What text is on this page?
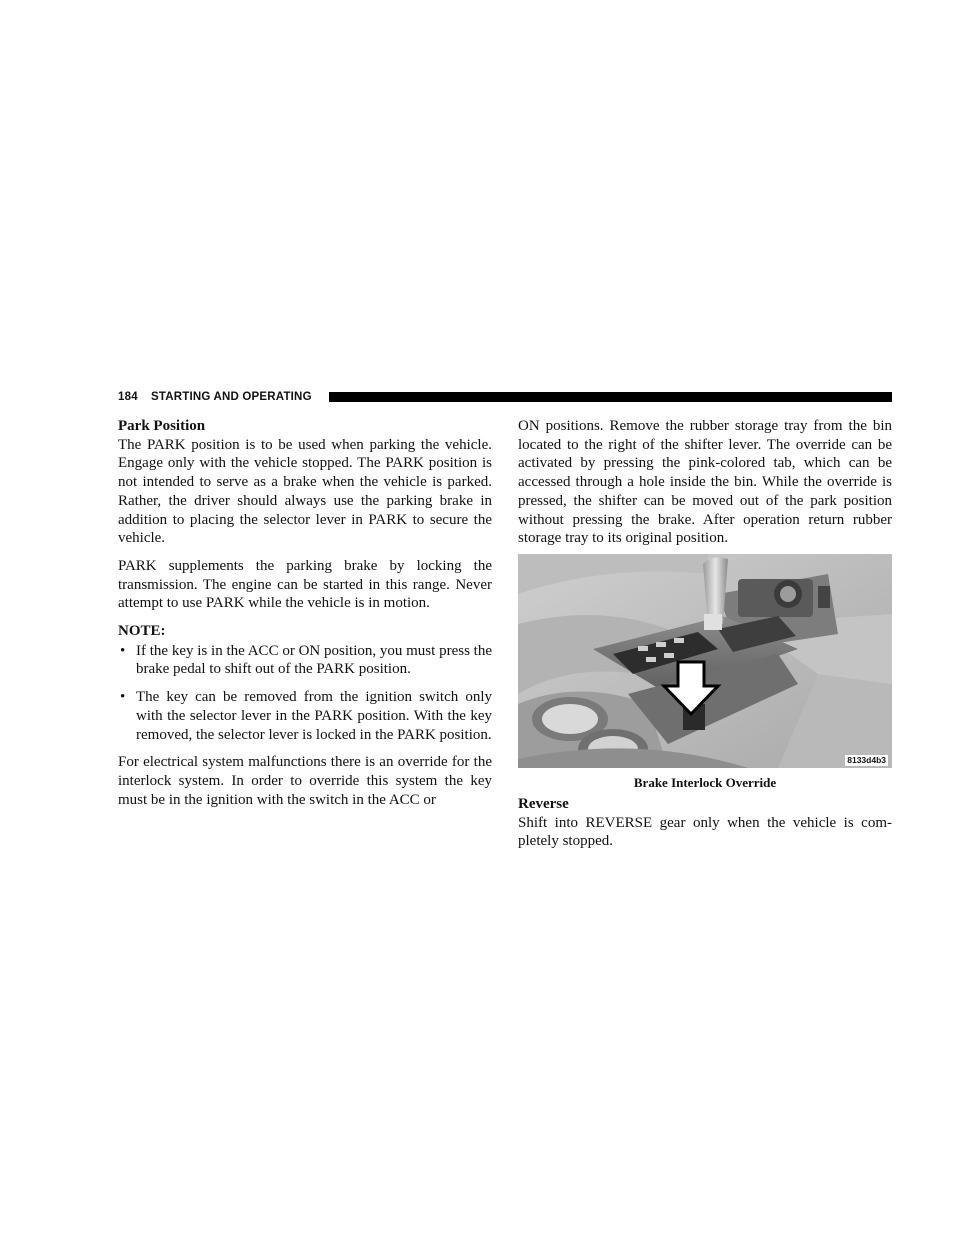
184 STARTING AND OPERATING

Park Position

The PARK position is to be used when parking the vehicle. Engage only with the vehicle stopped. The PARK position is not intended to serve as a brake when the vehicle is parked. Rather, the driver should always use the parking brake in addition to placing the selector lever in PARK to secure the vehicle.

PARK supplements the parking brake by locking the transmission. The engine can be started in this range. Never attempt to use PARK while the vehicle is in motion.

NOTE:

• If the key is in the ACC or ON position, you must press the brake pedal to shift out of the PARK position.
• The key can be removed from the ignition switch only with the selector lever in the PARK position. With the key removed, the selector lever is locked in the PARK position.

For electrical system malfunctions there is an override for the interlock system. In order to override this system the key must be in the ignition with the switch in the ACC or

ON positions. Remove the rubber storage tray from the bin located to the right of the shifter lever. The override can be activated by pressing the pink-colored tab, which can be accessed through a hole inside the bin. While the override is pressed, the shifter can be moved out of the park position without pressing the brake. After operation return rubber storage tray to its original position.

8133d4b3
Brake Interlock Override

Reverse

Shift into REVERSE gear only when the vehicle is com-pletely stopped.
